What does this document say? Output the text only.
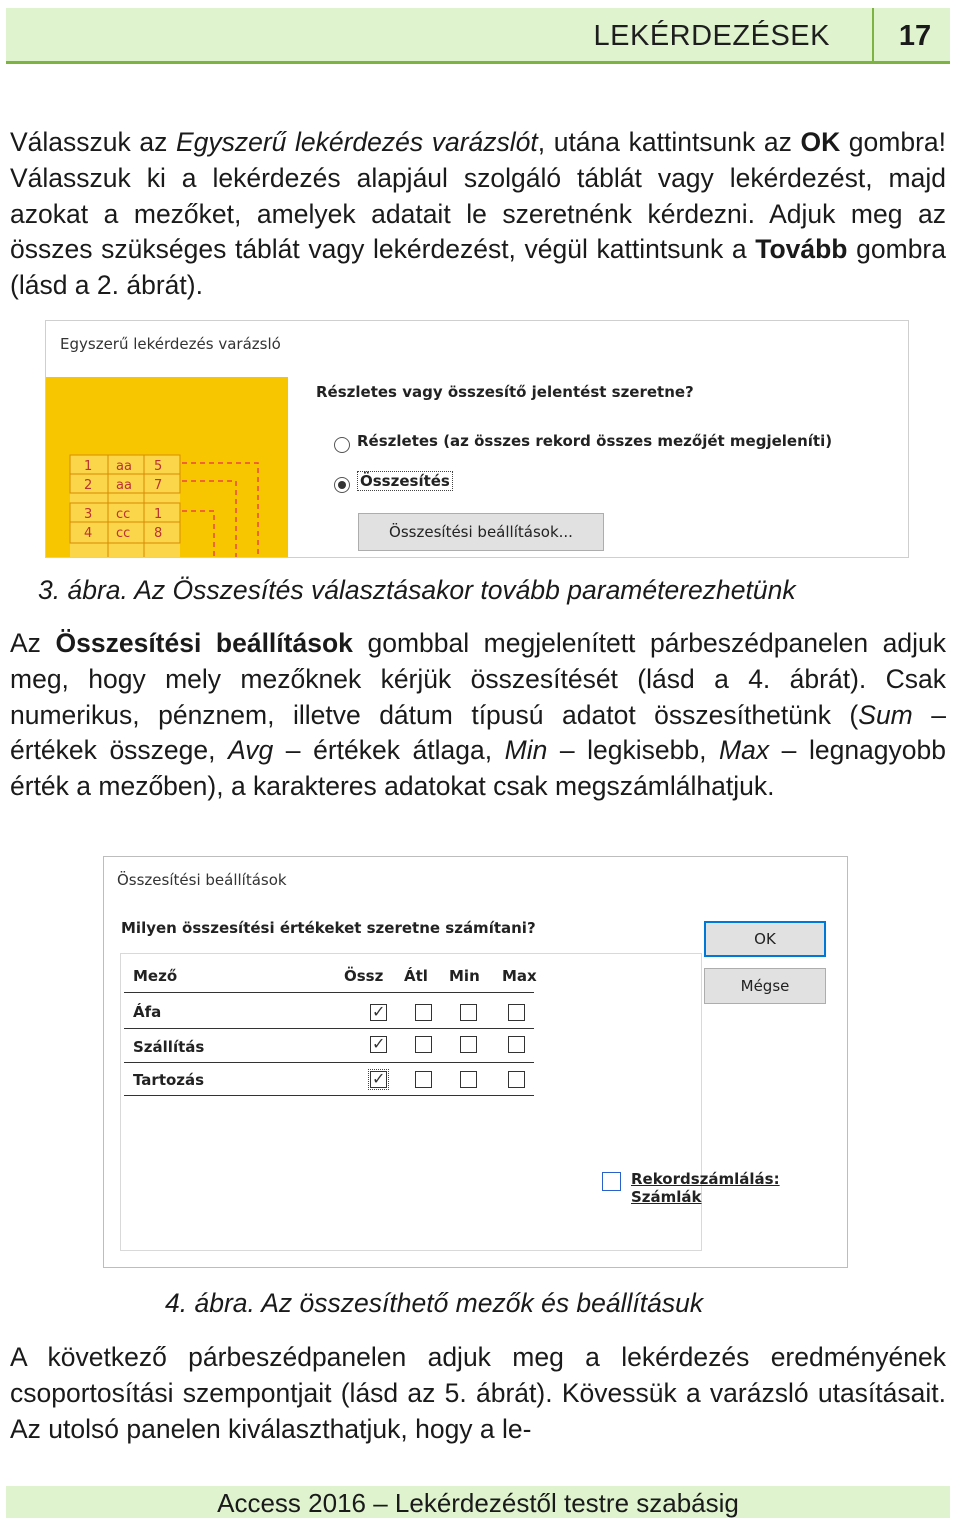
LEKÉRDEZÉSEK	17

Válasszuk az Egyszerű lekérdezés varázslót, utána kattintsunk az OK gombra! Válasszuk ki a lekérdezés alapjául szolgáló táblát vagy lekérdezést, majd azokat a mezőket, amelyek adatait le szeretnénk kérdezni. Adjuk meg az összes szükséges táblát vagy lekérdezést, végül kattintsunk a Tovább gombra (lásd a 2. ábrát).

Egyszerű lekérdezés varázsló
1 aa 5
2 aa 7
3 cc 1
4 cc 8
Részletes vagy összesítő jelentést szeretne?
Részletes (az összes rekord összes mezőjét megjeleníti)
Összesítés
Összesítési beállítások...
3. ábra. Az Összesítés választásakor tovább paraméterezhetünk

Az Összesítési beállítások gombbal megjelenített párbeszédpanelen adjuk meg, hogy mely mezőknek kérjük összesítését (lásd a 4. ábrát). Csak numerikus, pénznem, illetve dátum típusú adatot összesíthetünk (Sum – értékek összege, Avg – értékek átlaga, Min – legkisebb, Max – legnagyobb érték a mezőben), a karakteres adatokat csak megszámlálhatjuk.

Összesítési beállítások
Milyen összesítési értékeket szeretne számítani?
Mező	Össz Átl Min Max
Áfa
✓
Szállítás
✓
Tartozás
✓
OK
Mégse
Rekordszámlálás: Számlák
4. ábra. Az összesíthető mezők és beállításuk

A következő párbeszédpanelen adjuk meg a lekérdezés eredményének csoportosítási szempontjait (lásd az 5. ábrát). Kövessük a varázsló utasításait. Az utolsó panelen kiválaszthatjuk, hogy a le-

Access 2016 – Lekérdezéstől testre szabásig
